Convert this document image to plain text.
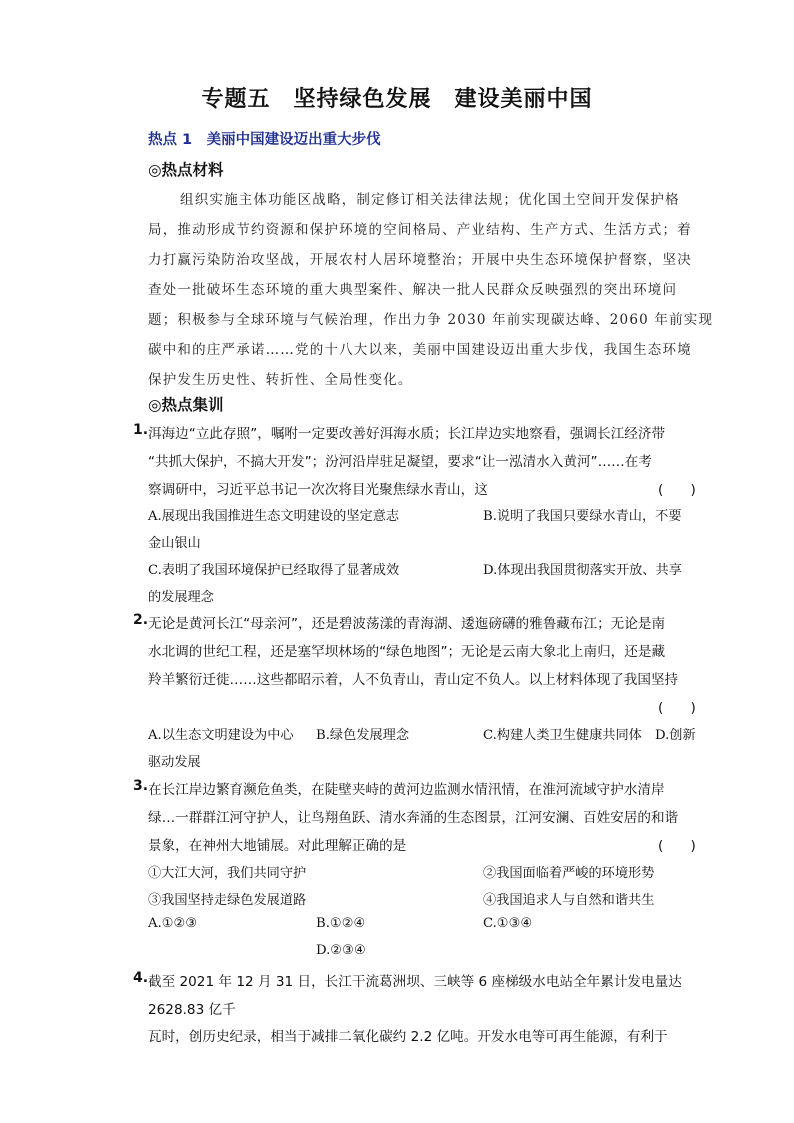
专题五　坚持绿色发展　建设美丽中国
热点 1　美丽中国建设迈出重大步伐
◎热点材料
组织实施主体功能区战略，制定修订相关法律法规；优化国土空间开发保护格
局，推动形成节约资源和保护环境的空间格局、产业结构、生产方式、生活方式；着
力打赢污染防治攻坚战，开展农村人居环境整治；开展中央生态环境保护督察，坚决
查处一批破坏生态环境的重大典型案件、解决一批人民群众反映强烈的突出环境问
题；积极参与全球环境与气候治理，作出力争 2030 年前实现碳达峰、2060 年前实现
碳中和的庄严承诺……党的十八大以来，美丽中国建设迈出重大步伐，我国生态环境
保护发生历史性、转折性、全局性变化。
◎热点集训
1. 洱海边“立此存照”，嘱咐一定要改善好洱海水质；长江岸边实地察看，强调长江经济带
“共抓大保护，不搞大开发”；汾河沿岸驻足凝望，要求“让一泓清水入黄河”……在考
察调研中，习近平总书记一次次将目光聚焦绿水青山，这	(　　)
A.展现出我国推进生态文明建设的坚定意志	B.说明了我国只要绿水青山，不要
金山银山
C.表明了我国环境保护已经取得了显著成效	D.体现出我国贯彻落实开放、共享
的发展理念
2. 无论是黄河长江“母亲河”，还是碧波荡漾的青海湖、逶迤磅礴的雅鲁藏布江；无论是南
水北调的世纪工程，还是塞罕坝林场的“绿色地图”；无论是云南大象北上南归，还是藏
羚羊繁衍迁徙……这些都昭示着，人不负青山，青山定不负人。以上材料体现了我国坚持
(　　)
A.以生态文明建设为中心 B.绿色发展理念	C.构建人类卫生健康共同体 D.创新
驱动发展
3. 在长江岸边繁育濒危鱼类，在陡壁夹峙的黄河边监测水情汛情，在淮河流域守护水清岸
绿…一群群江河守护人，让鸟翔鱼跃、清水奔涌的生态图景，江河安澜、百姓安居的和谐
景象，在神州大地铺展。对此理解正确的是	(　　)
①大江大河，我们共同守护	②我国面临着严峻的环境形势
③我国坚持走绿色发展道路	④我国追求人与自然和谐共生
A.①②③	B.①②④	C.①③④
D.②③④
4. 截至 2021 年 12 月 31 日，长江干流葛洲坝、三峡等 6 座梯级水电站全年累计发电量达
2628.83 亿千
瓦时，创历史纪录，相当于减排二氧化碳约 2.2 亿吨。开发水电等可再生能源，有利于
